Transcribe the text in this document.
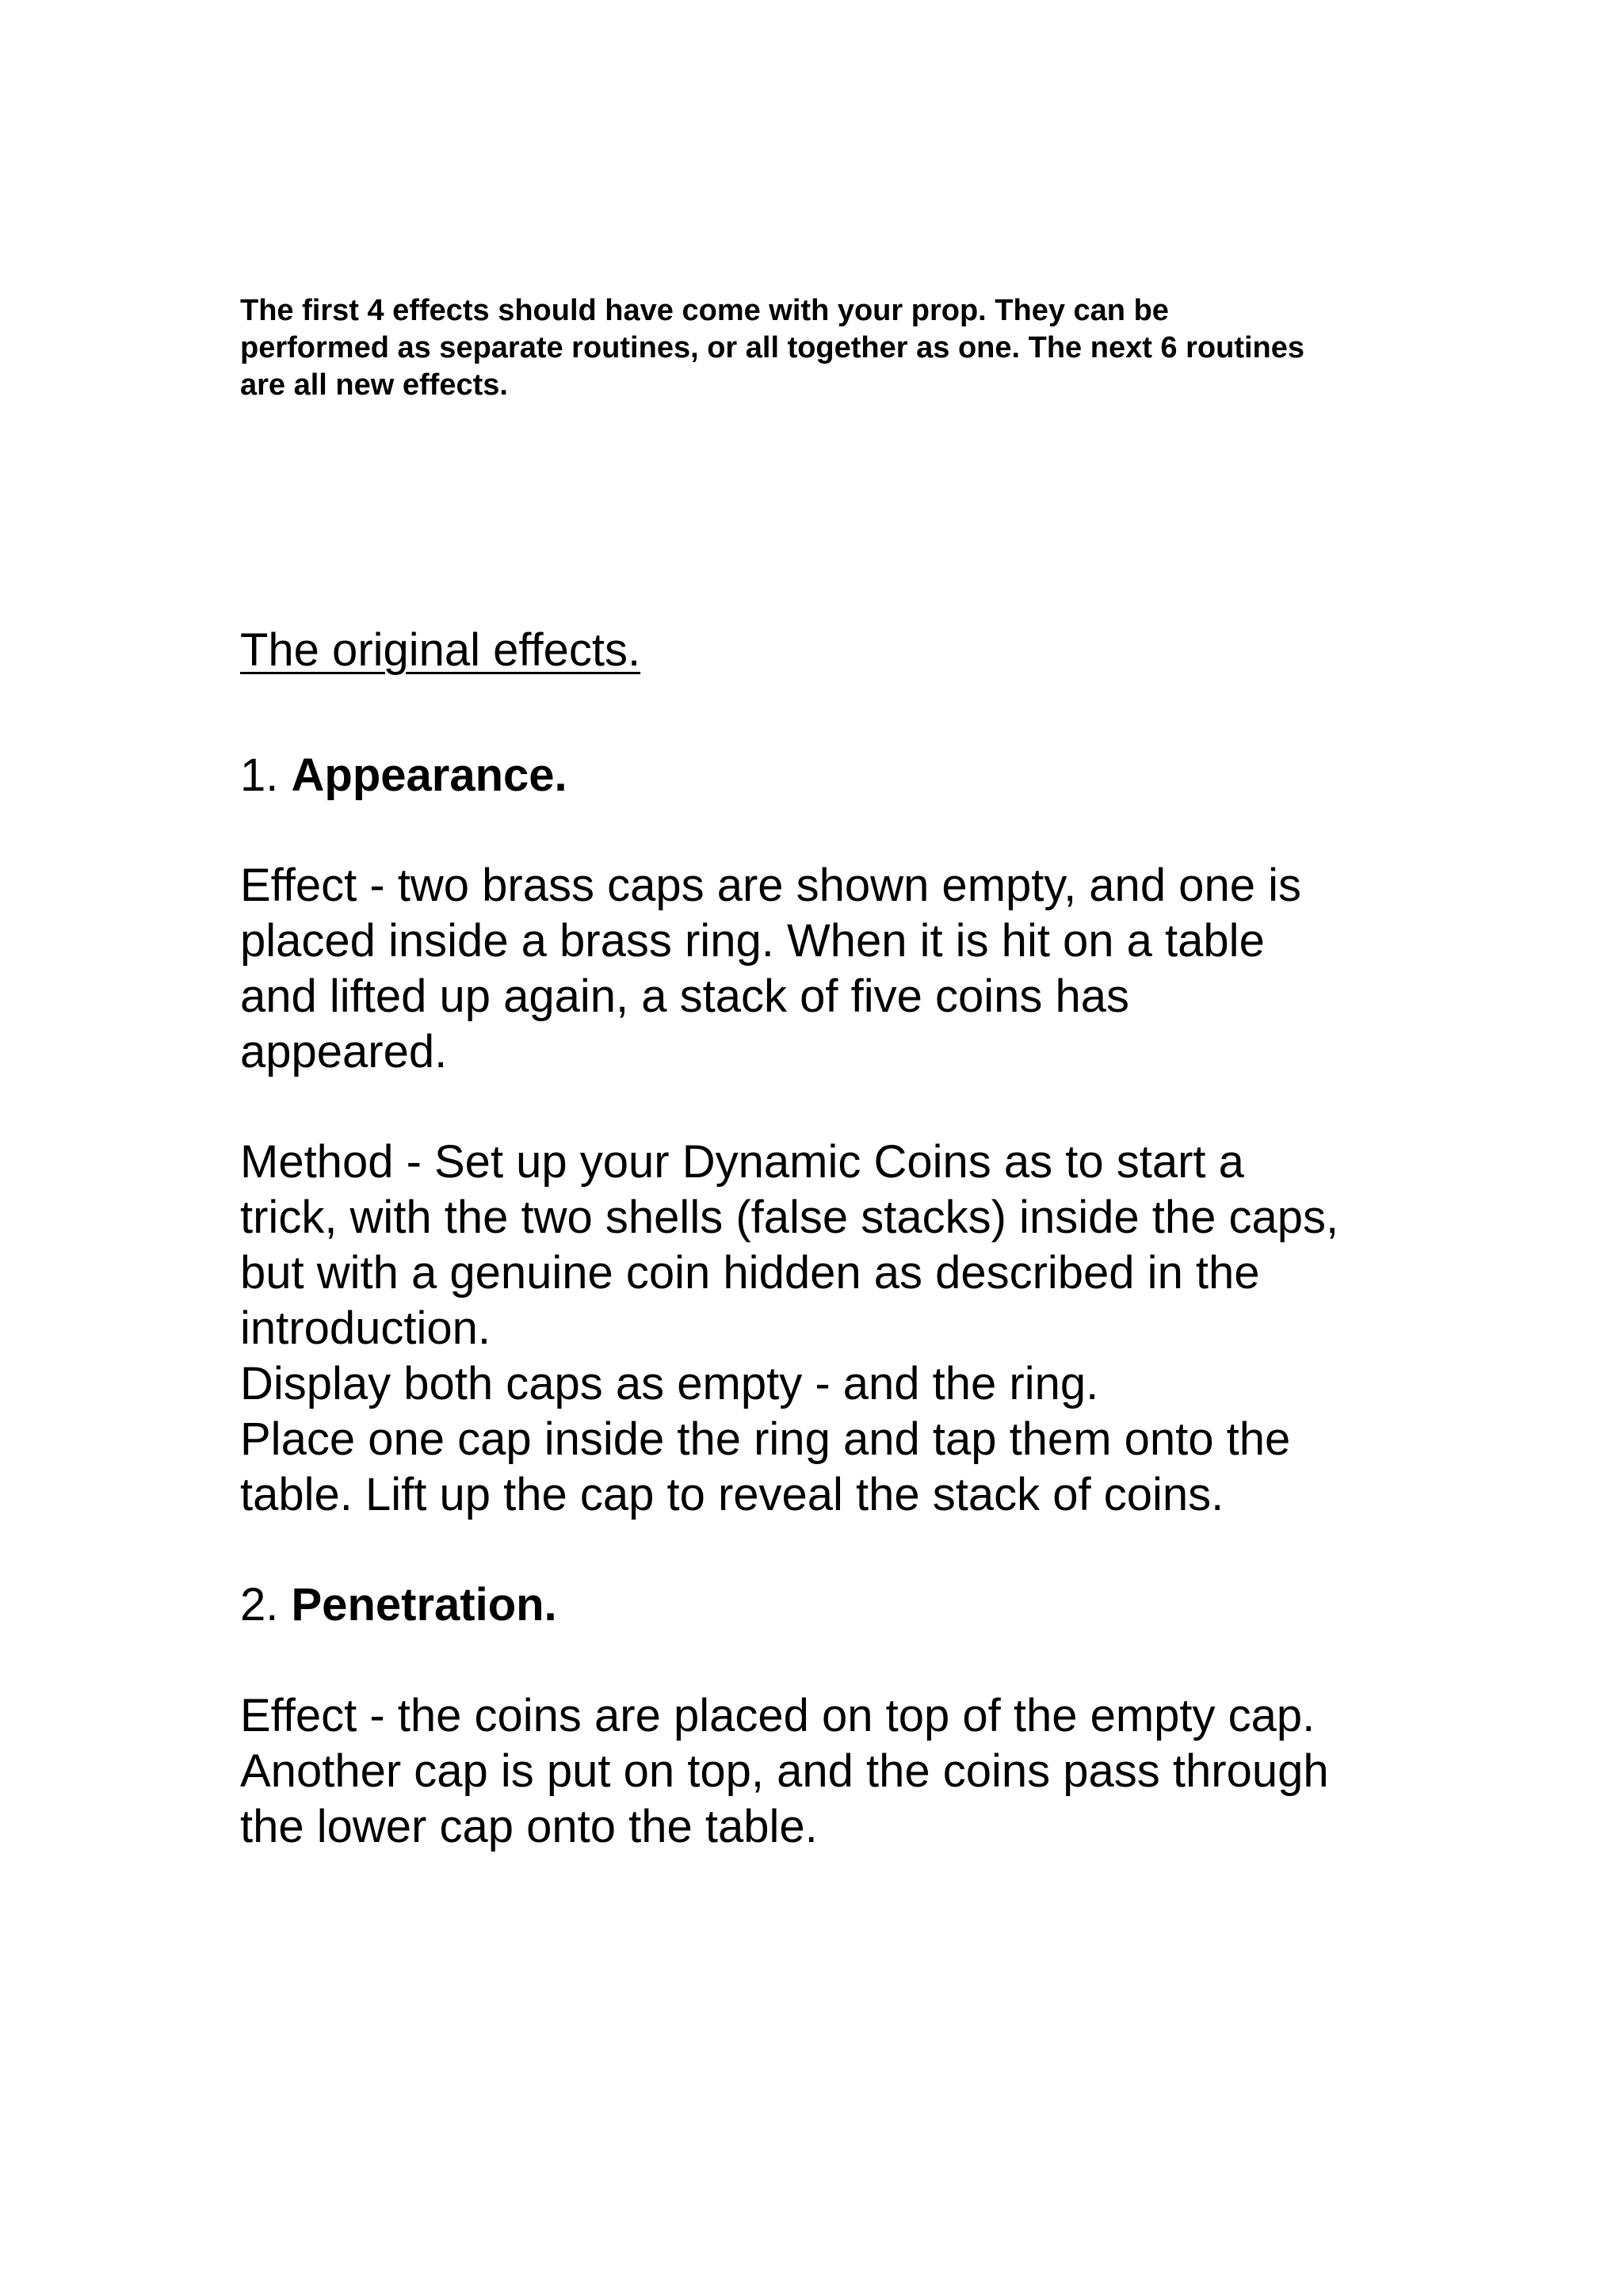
The first 4 effects should have come with your prop. They can be
performed as separate routines, or all together as one. The next 6 routines
are all new effects.

The original effects.
1. Appearance.

Effect - two brass caps are shown empty, and one is
placed inside a brass ring. When it is hit on a table
and lifted up again, a stack of five coins has
appeared.

Method - Set up your Dynamic Coins as to start a
trick, with the two shells (false stacks) inside the caps,
but with a genuine coin hidden as described in the
introduction.
Display both caps as empty - and the ring.
Place one cap inside the ring and tap them onto the
table. Lift up the cap to reveal the stack of coins.

2. Penetration.

Effect - the coins are placed on top of the empty cap.
Another cap is put on top, and the coins pass through
the lower cap onto the table.
